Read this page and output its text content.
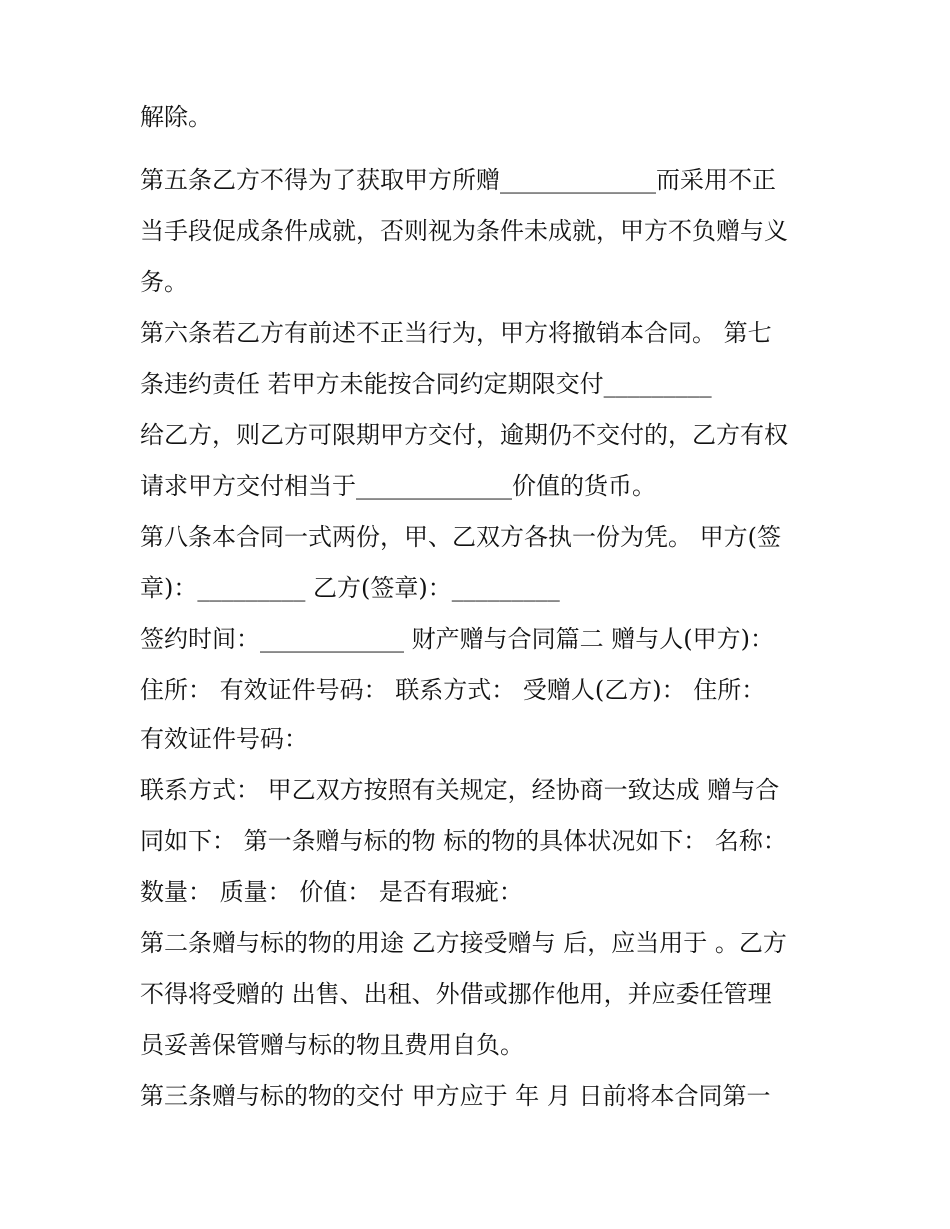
解除。
第五条乙方不得为了获取甲方所赠_____________而采用不正
当手段促成条件成就，否则视为条件未成就，甲方不负赠与义
务。
第六条若乙方有前述不正当行为，甲方将撤销本合同。 第七
条违约责任 若甲方未能按合同约定期限交付_________
给乙方，则乙方可限期甲方交付，逾期仍不交付的，乙方有权
请求甲方交付相当于_____________价值的货币。
第八条本合同一式两份，甲、乙双方各执一份为凭。 甲方(签
章)：_________ 乙方(签章)：_________
签约时间：____________ 财产赠与合同篇二 赠与人(甲方)：
住所： 有效证件号码： 联系方式： 受赠人(乙方)： 住所：
有效证件号码：
联系方式： 甲乙双方按照有关规定，经协商一致达成 赠与合
同如下： 第一条赠与标的物 标的物的具体状况如下： 名称：
数量： 质量： 价值： 是否有瑕疵：
第二条赠与标的物的用途 乙方接受赠与 后，应当用于 。乙方
不得将受赠的 出售、出租、外借或挪作他用，并应委任管理
员妥善保管赠与标的物且费用自负。
第三条赠与标的物的交付 甲方应于 年 月 日前将本合同第一
